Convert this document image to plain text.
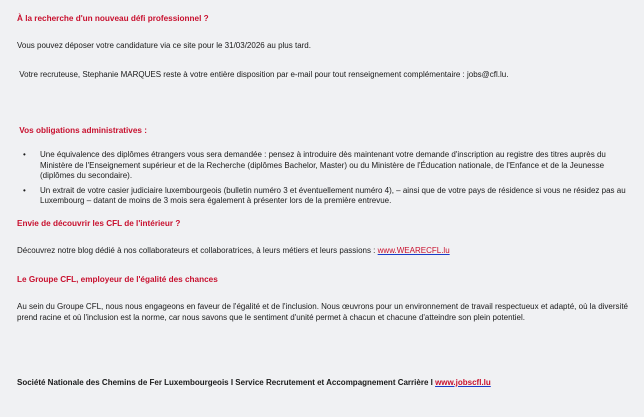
À la recherche d'un nouveau défi professionnel ?

Vous pouvez déposer votre candidature via ce site pour le 31/03/2026 au plus tard.

Votre recruteuse, Stephanie MARQUES reste à votre entière disposition par e-mail pour tout renseignement complémentaire : jobs@cfl.lu.

Vos obligations administratives :
• Une équivalence des diplômes étrangers vous sera demandée : pensez à introduire dès maintenant votre demande d'inscription au registre des titres auprès du Ministère de l'Enseignement supérieur et de la Recherche (diplômes Bachelor, Master) ou du Ministère de l'Éducation nationale, de l'Enfance et de la Jeunesse (diplômes du secondaire).
• Un extrait de votre casier judiciaire luxembourgeois (bulletin numéro 3 et éventuellement numéro 4), – ainsi que de votre pays de résidence si vous ne résidez pas au Luxembourg – datant de moins de 3 mois sera également à présenter lors de la première entrevue.
Envie de découvrir les CFL de l'intérieur ?

Découvrez notre blog dédié à nos collaborateurs et collaboratrices, à leurs métiers et leurs passions : www.WEARECFL.lu

Le Groupe CFL, employeur de l'égalité des chances

Au sein du Groupe CFL, nous nous engageons en faveur de l'égalité et de l'inclusion. Nous œuvrons pour un environnement de travail respectueux et adapté, où la diversité prend racine et où l'inclusion est la norme, car nous savons que le sentiment d'unité permet à chacun et chacune d'atteindre son plein potentiel.

Société Nationale des Chemins de Fer Luxembourgeois I Service Recrutement et Accompagnement Carrière I www.jobscfl.lu
